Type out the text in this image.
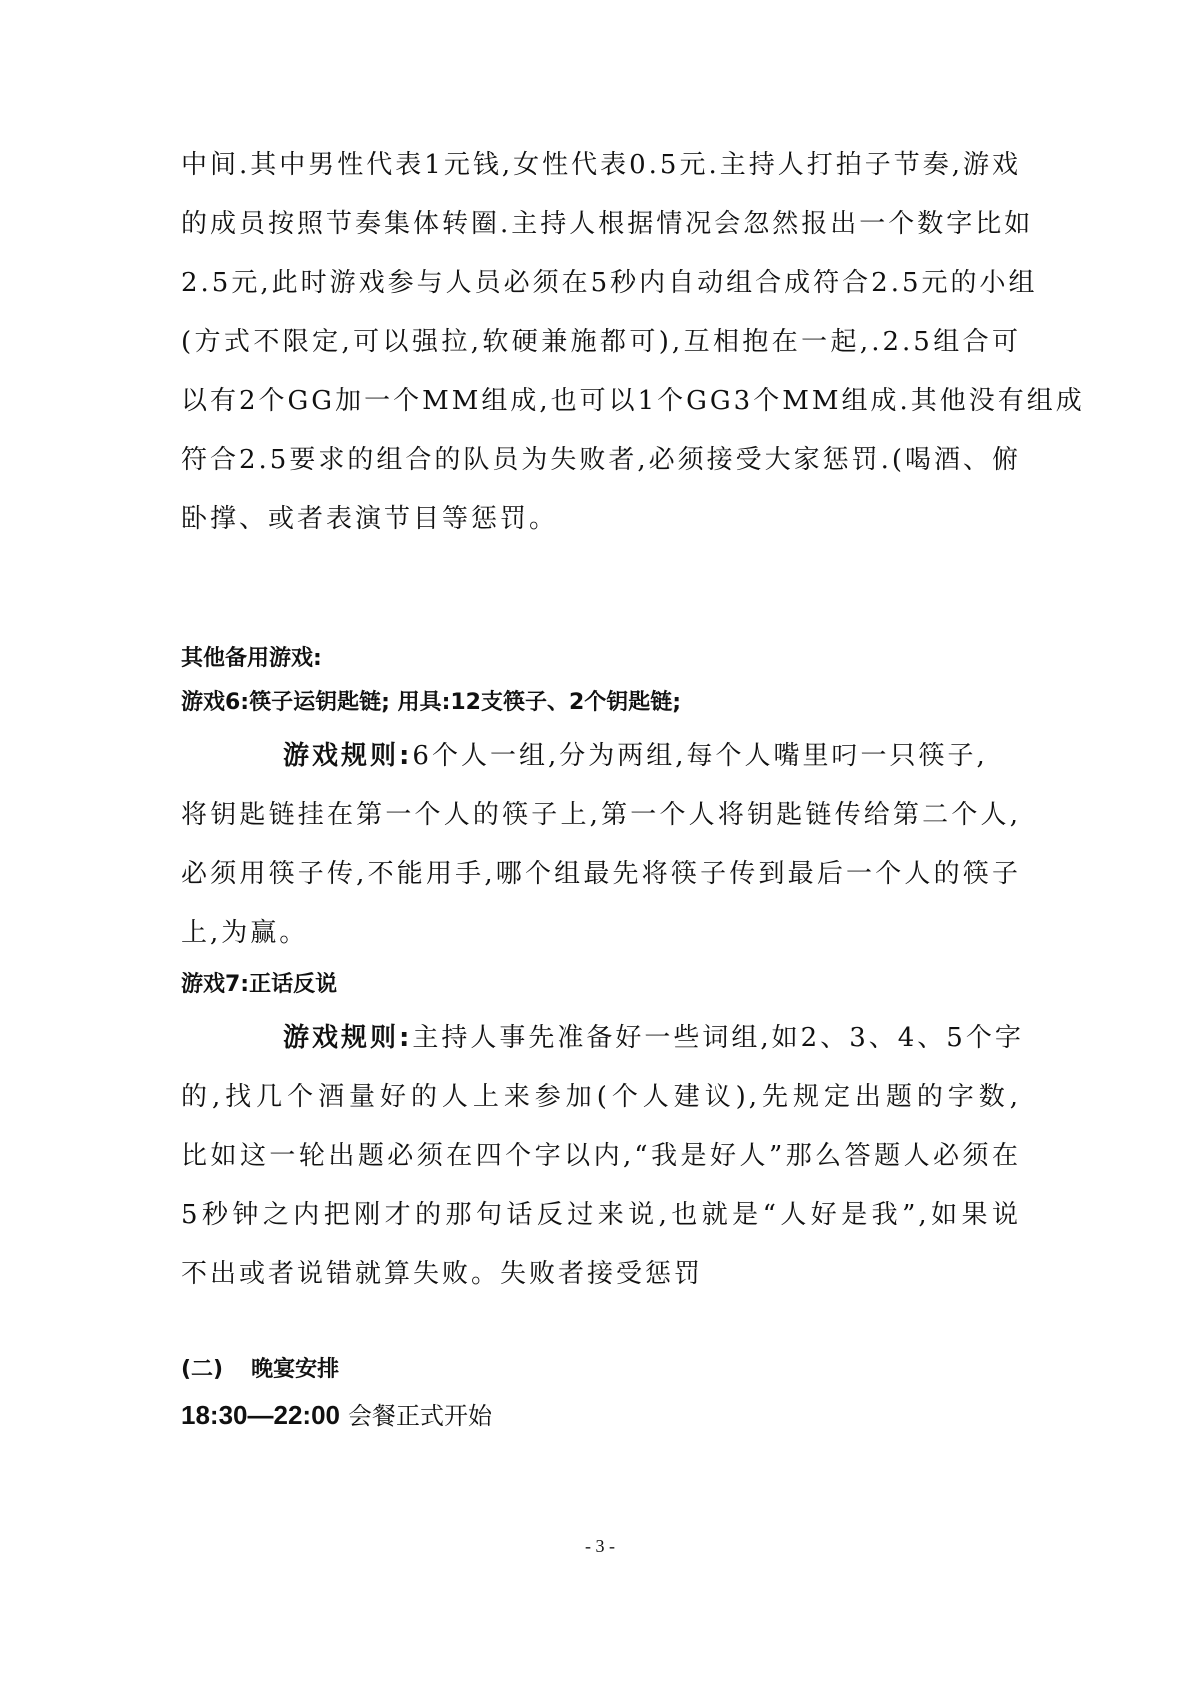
中间.其中男性代表1元钱,女性代表0.5元.主持人打拍子节奏,游戏

的成员按照节奏集体转圈.主持人根据情况会忽然报出一个数字比如

2.5元,此时游戏参与人员必须在5秒内自动组合成符合2.5元的小组

(方式不限定,可以强拉,软硬兼施都可),互相抱在一起,.2.5组合可

以有2个GG加一个MM组成,也可以1个GG3个MM组成.其他没有组成

符合2.5要求的组合的队员为失败者,必须接受大家惩罚.(喝酒、俯

卧撑、或者表演节目等惩罚。

其他备用游戏:

游戏6:筷子运钥匙链; 用具:12支筷子、2个钥匙链;

游戏规则:6个人一组,分为两组,每个人嘴里叼一只筷子,

将钥匙链挂在第一个人的筷子上,第一个人将钥匙链传给第二个人,

必须用筷子传,不能用手,哪个组最先将筷子传到最后一个人的筷子

上,为赢。

游戏7:正话反说

游戏规则:主持人事先准备好一些词组,如2、3、4、5个字

的,找几个酒量好的人上来参加(个人建议),先规定出题的字数,

比如这一轮出题必须在四个字以内,“我是好人”那么答题人必须在

5秒钟之内把刚才的那句话反过来说,也就是“人好是我”,如果说

不出或者说错就算失败。失败者接受惩罚

(二) 晚宴安排

18:30—22:00 会餐正式开始

- 3 -
